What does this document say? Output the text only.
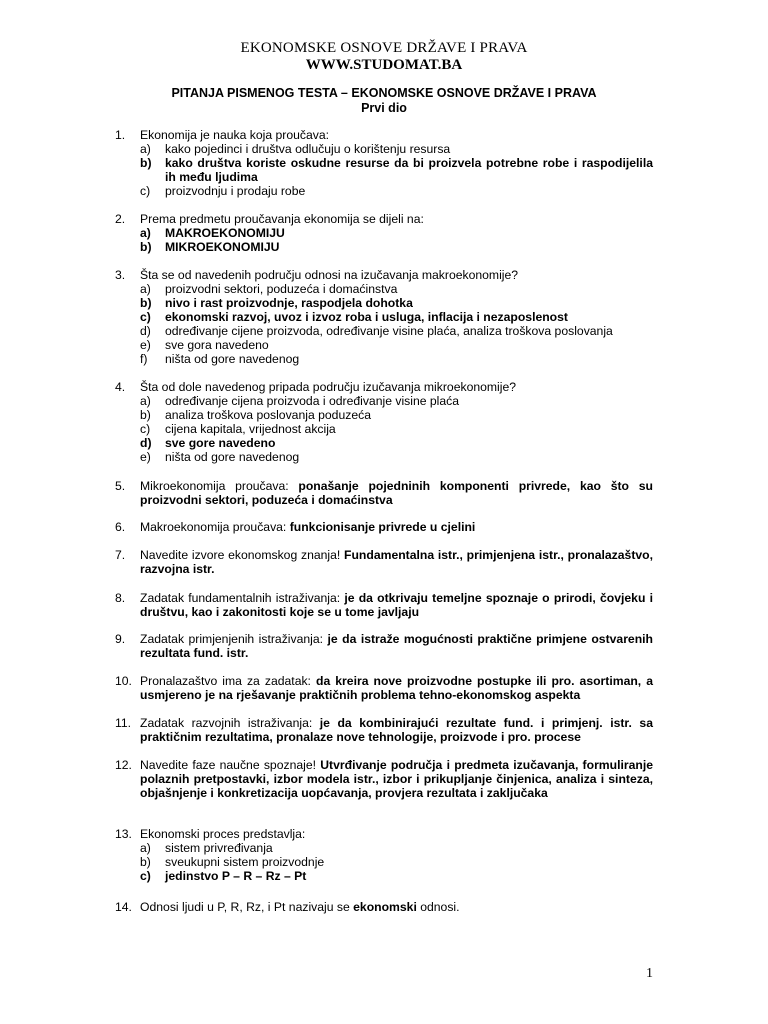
EKONOMSKE OSNOVE DRŽAVE I PRAVA
WWW.STUDOMAT.BA
PITANJA PISMENOG TESTA – EKONOMSKE OSNOVE DRŽAVE I PRAVA
Prvi dio
1.	Ekonomija je nauka koja proučava:
a)	kako pojedinci i društva odlučuju o korištenju resursa
b)	kako društva koriste oskudne resurse da bi proizvela potrebne robe i raspodijelila ih među ljudima
c)	proizvodnju i prodaju robe
2.	Prema predmetu proučavanja ekonomija se dijeli na:
a)	MAKROEKONOMIJU
b)	MIKROEKONOMIJU
3.	Šta se od navedenih području odnosi na izučavanja makroekonomije?
a)	proizvodni sektori, poduzeća i domaćinstva
b)	nivo i rast proizvodnje, raspodjela dohotka
c)	ekonomski razvoj, uvoz i izvoz roba i usluga, inflacija i nezaposlenost
d)	određivanje cijene proizvoda, određivanje visine plaća, analiza troškova poslovanja
e)	sve gora navedeno
f)	ništa od gore navedenog
4.	Šta od dole navedenog pripada području izučavanja mikroekonomije?
a)	određivanje cijena proizvoda i određivanje visine plaća
b)	analiza troškova poslovanja poduzeća
c)	cijena kapitala, vrijednost akcija
d)	sve gore navedeno
e)	ništa od gore navedenog
5.	Mikroekonomija proučava: ponašanje pojedninih komponenti privrede, kao što su proizvodni sektori, poduzeća i domaćinstva
6.	Makroekonomija proučava: funkcionisanje privrede u cjelini
7.	Navedite izvore ekonomskog znanja! Fundamentalna istr., primjenjena istr., pronalazaštvo, razvojna istr.
8.	Zadatak fundamentalnih istraživanja: je da otkrivaju temeljne spoznaje o prirodi, čovjeku i društvu, kao i zakonitosti koje se u tome javljaju
9.	Zadatak primjenjenih istraživanja: je da istraže mogućnosti praktične primjene ostvarenih rezultata fund. istr.
10. Pronalazaštvo ima za zadatak: da kreira nove proizvodne postupke ili pro. asortiman, a usmjereno je na rješavanje praktičnih problema tehno-ekonomskog aspekta
11. Zadatak razvojnih istraživanja: je da kombinirajući rezultate fund. i primjenj. istr. sa praktičnim rezultatima, pronalaze nove tehnologije, proizvode i pro. procese
12. Navedite faze naučne spoznaje! Utvrđivanje područja i predmeta izučavanja, formuliranje polaznih pretpostavki, izbor modela istr., izbor i prikupljanje činjenica, analiza i sinteza, objašnjenje i konkretizacija uopćavanja, provjera rezultata i zaključaka
13. Ekonomski proces predstavlja:
a)	sistem privređivanja
b)	sveukupni sistem proizvodnje
c)	jedinstvo P – R – Rz – Pt
14. Odnosi ljudi u P, R, Rz, i Pt nazivaju se ekonomski odnosi.
1
